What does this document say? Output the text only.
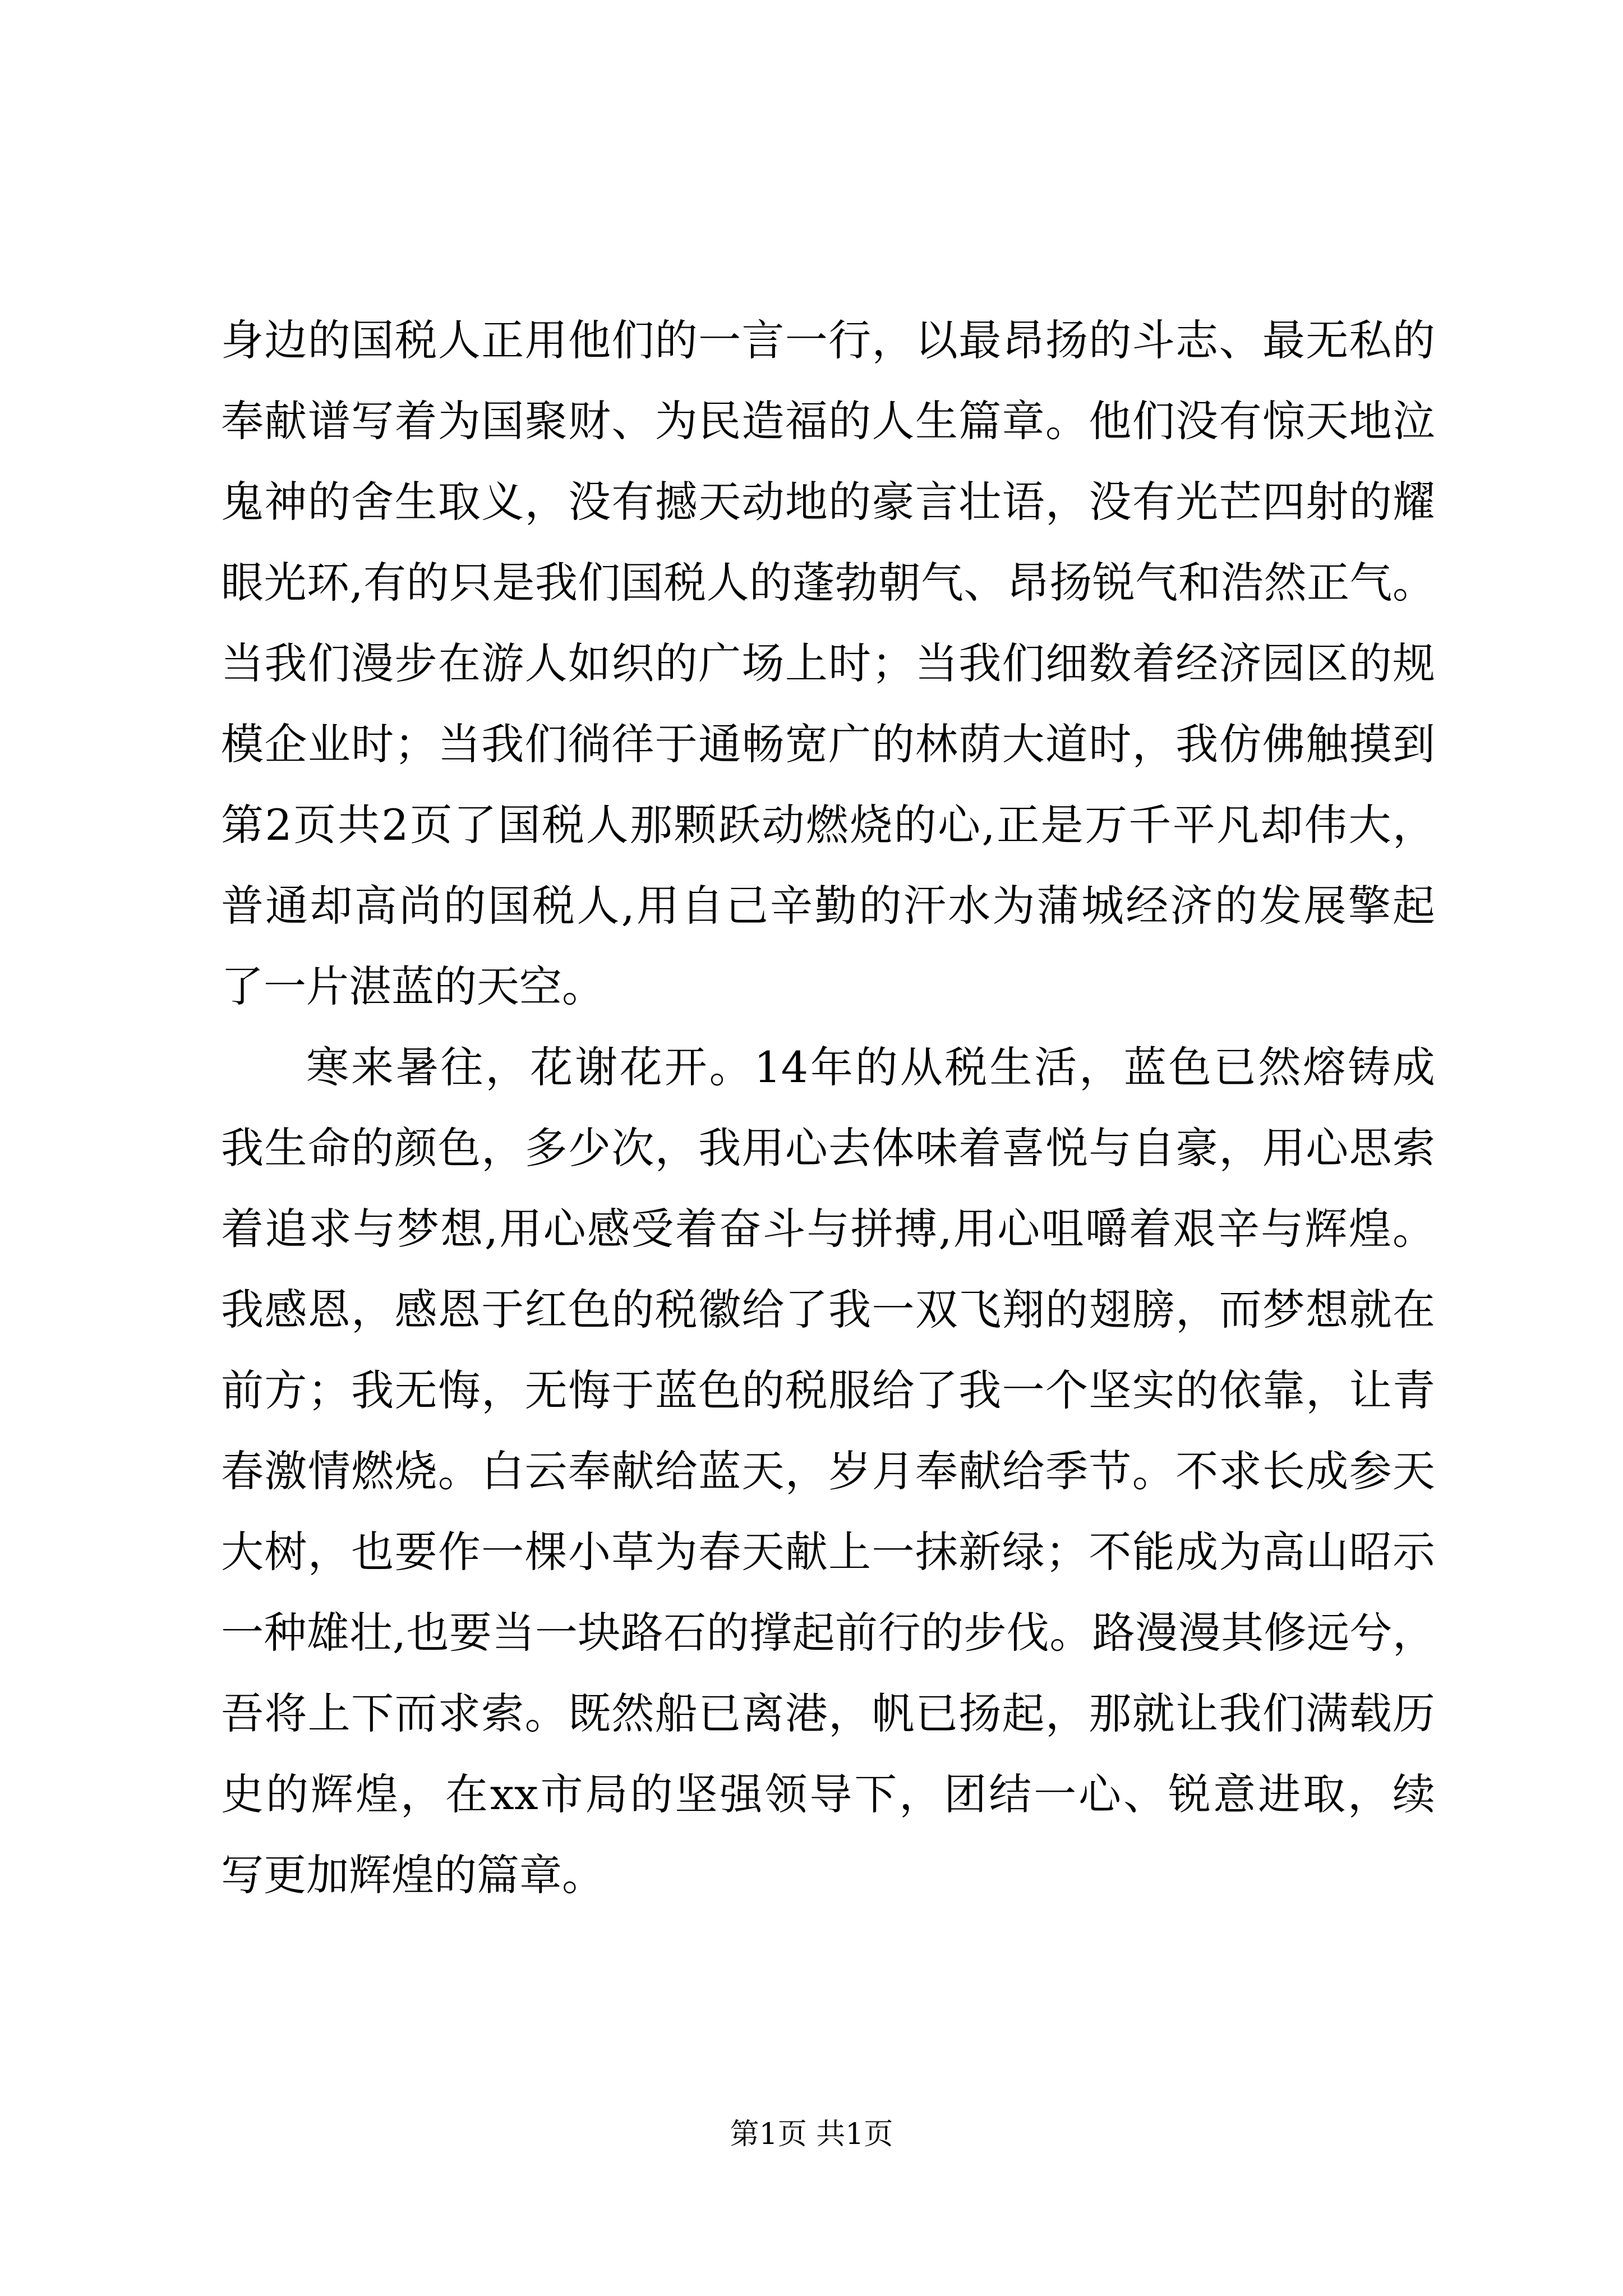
身边的国税人正用他们的一言一行，以最昂扬的斗志、最无私的

奉献谱写着为国聚财、为民造福的人生篇章。他们没有惊天地泣

鬼神的舍生取义，没有撼天动地的豪言壮语，没有光芒四射的耀

眼光环,有的只是我们国税人的蓬勃朝气、昂扬锐气和浩然正气。

当我们漫步在游人如织的广场上时；当我们细数着经济园区的规

模企业时；当我们徜徉于通畅宽广的林荫大道时，我仿佛触摸到

第2页共2页了国税人那颗跃动燃烧的心,正是万千平凡却伟大，

普通却高尚的国税人,用自己辛勤的汗水为蒲城经济的发展擎起

了一片湛蓝的天空。

寒来暑往，花谢花开。14年的从税生活，蓝色已然熔铸成

我生命的颜色，多少次，我用心去体味着喜悦与自豪，用心思索

着追求与梦想,用心感受着奋斗与拼搏,用心咀嚼着艰辛与辉煌。

我感恩，感恩于红色的税徽给了我一双飞翔的翅膀，而梦想就在

前方；我无悔，无悔于蓝色的税服给了我一个坚实的依靠，让青

春激情燃烧。白云奉献给蓝天，岁月奉献给季节。不求长成参天

大树，也要作一棵小草为春天献上一抹新绿；不能成为高山昭示

一种雄壮,也要当一块路石的撑起前行的步伐。路漫漫其修远兮，

吾将上下而求索。既然船已离港，帆已扬起，那就让我们满载历

史的辉煌，在xx市局的坚强领导下，团结一心、锐意进取，续

写更加辉煌的篇章。

第1页 共1页
